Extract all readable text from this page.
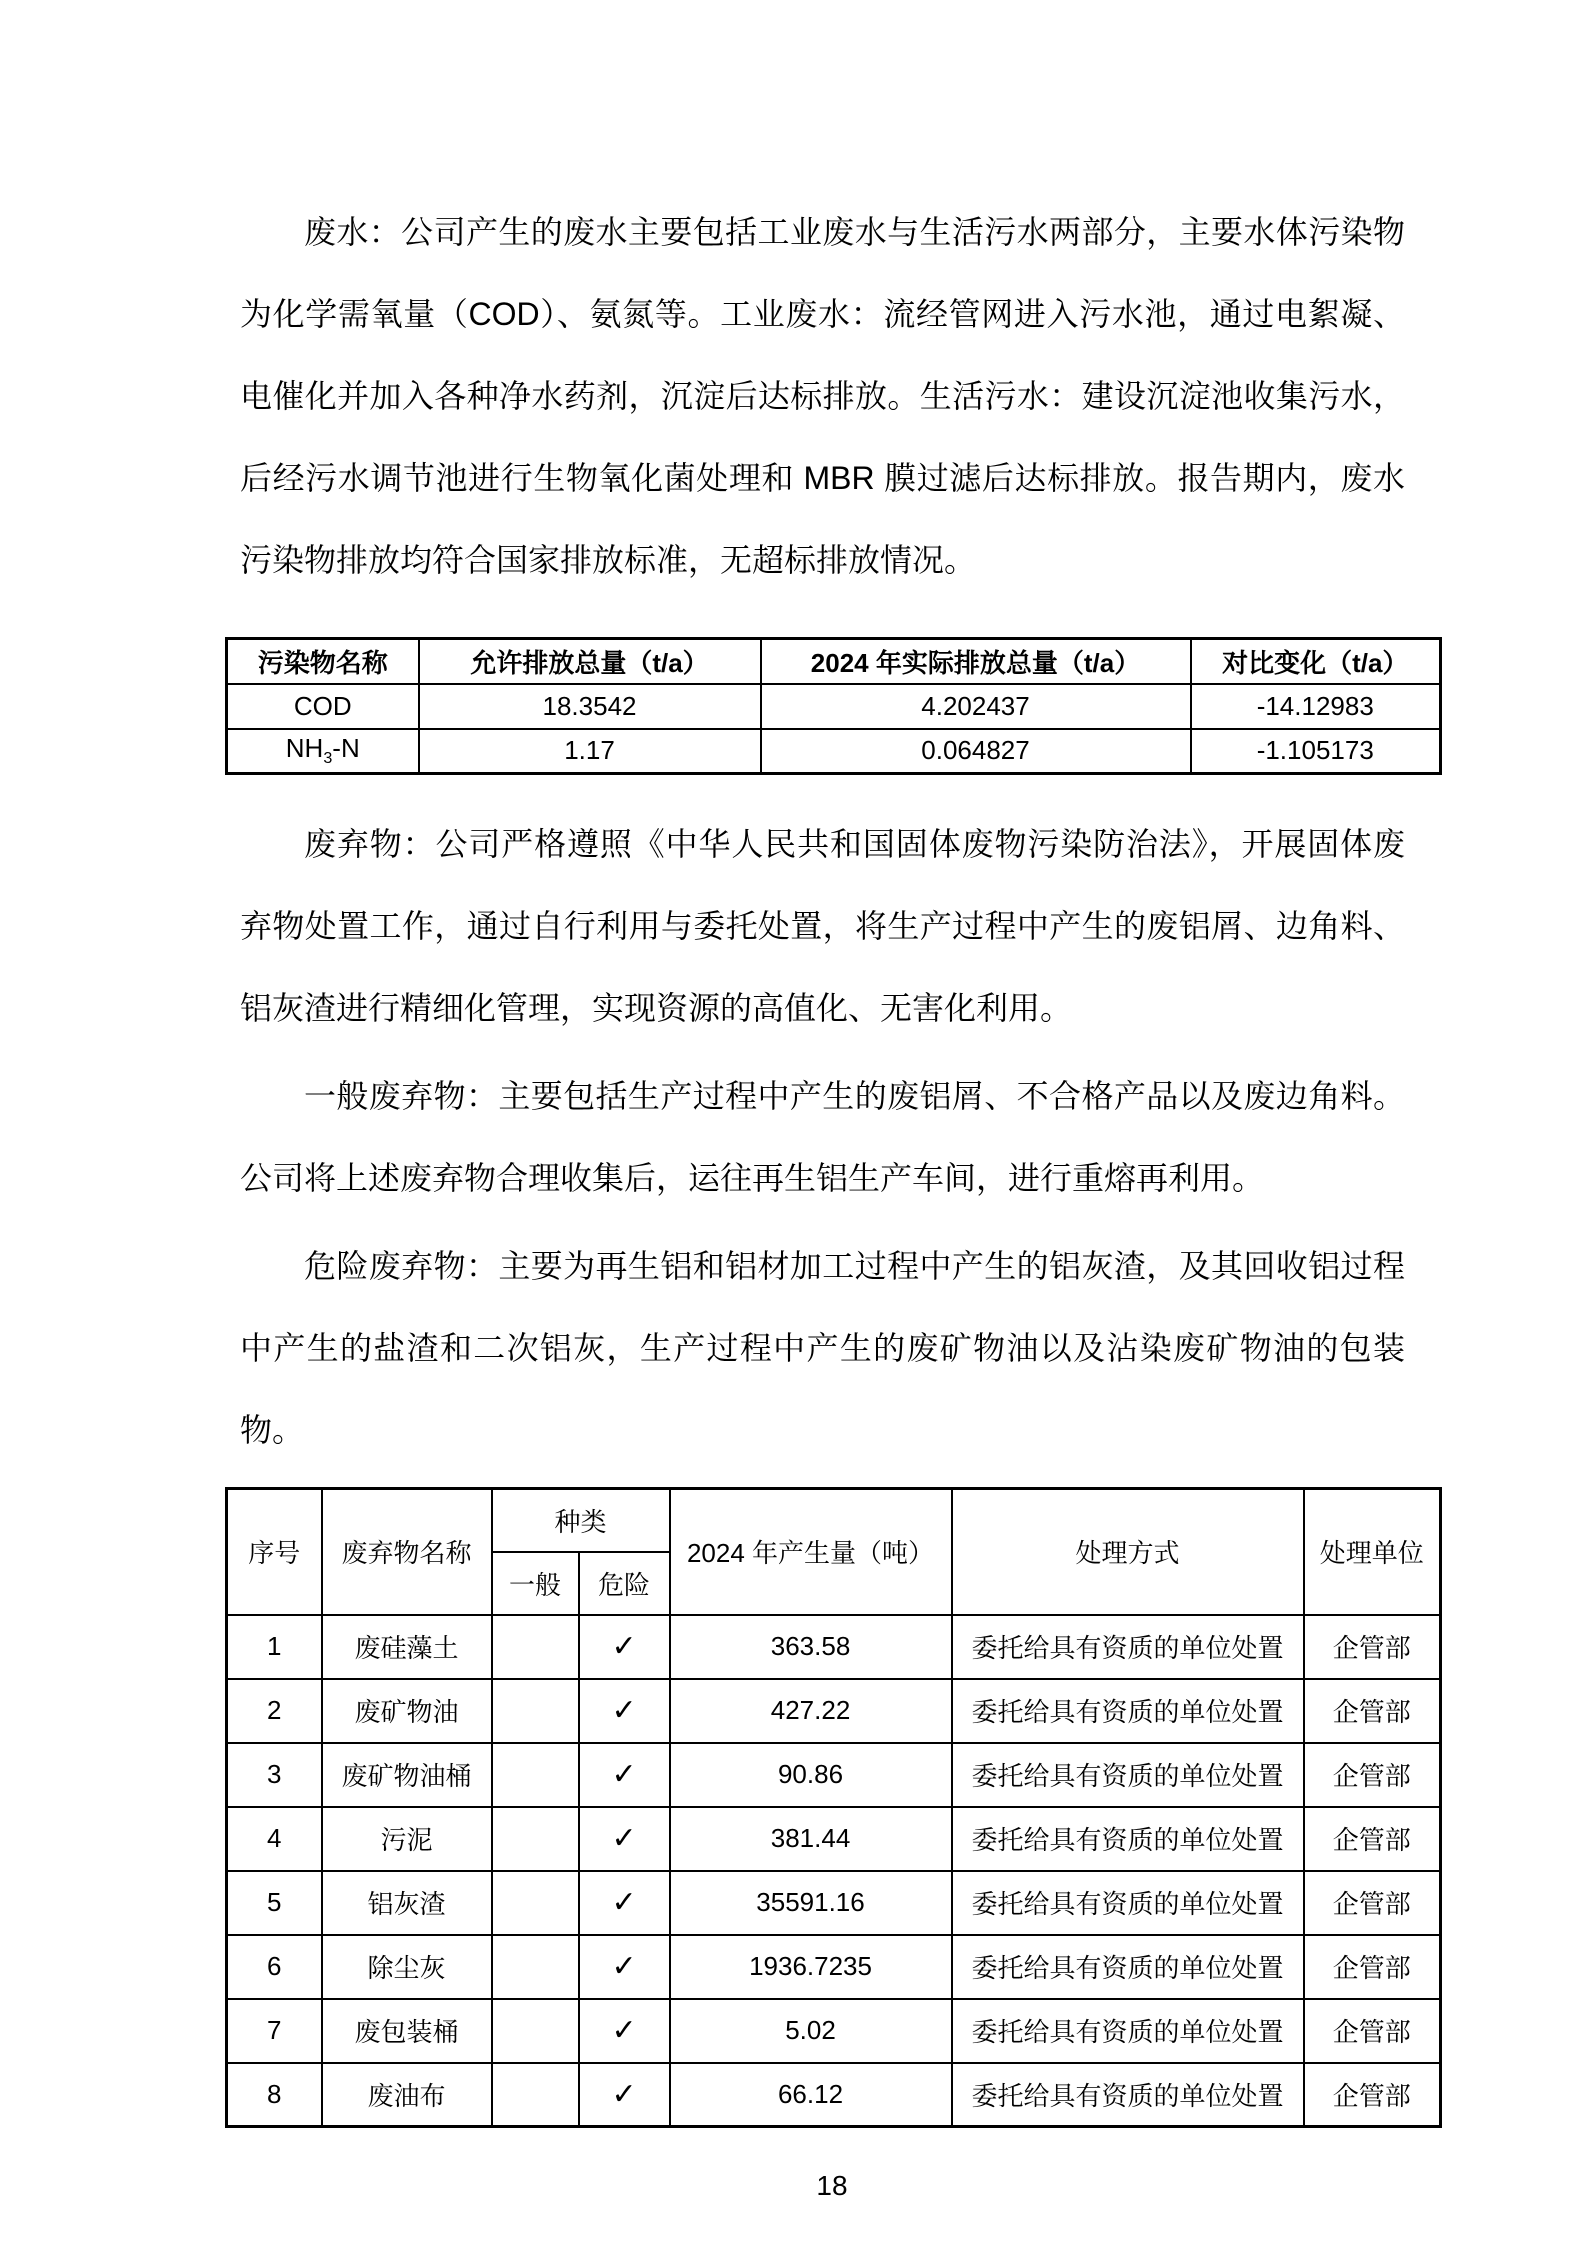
废水：公司产生的废水主要包括工业废水与生活污水两部分，主要水体污染物为化学需氧量（COD）、氨氮等。工业废水：流经管网进入污水池，通过电絮凝、电催化并加入各种净水药剂，沉淀后达标排放。生活污水：建设沉淀池收集污水，后经污水调节池进行生物氧化菌处理和 MBR 膜过滤后达标排放。报告期内，废水污染物排放均符合国家排放标准，无超标排放情况。

污染物名称	允许排放总量（t/a）	2024 年实际排放总量（t/a）	对比变化（t/a）
COD	18.3542	4.202437	-14.12983
$NH_3-N$	1.17	0.064827	-1.105173

废弃物：公司严格遵照《中华人民共和国固体废物污染防治法》，开展固体废弃物处置工作，通过自行利用与委托处置，将生产过程中产生的废铝屑、边角料、铝灰渣进行精细化管理，实现资源的高值化、无害化利用。

一般废弃物：主要包括生产过程中产生的废铝屑、不合格产品以及废边角料。公司将上述废弃物合理收集后，运往再生铝生产车间，进行重熔再利用。

危险废弃物：主要为再生铝和铝材加工过程中产生的铝灰渣，及其回收铝过程中产生的盐渣和二次铝灰，生产过程中产生的废矿物油以及沾染废矿物油的包装物。

序号	废弃物名称	种类		2024 年产生量（吨）	处理方式	处理单位
		一般	危险			
1	废硅藻土		✓	363.58	委托给具有资质的单位处置	企管部
2	废矿物油		✓	427.22	委托给具有资质的单位处置	企管部
3	废矿物油桶		✓	90.86	委托给具有资质的单位处置	企管部
4	污泥		✓	381.44	委托给具有资质的单位处置	企管部
5	铝灰渣		✓	35591.16	委托给具有资质的单位处置	企管部
6	除尘灰		✓	1936.7235	委托给具有资质的单位处置	企管部
7	废包装桶		✓	5.02	委托给具有资质的单位处置	企管部
8	废油布		✓	66.12	委托给具有资质的单位处置	企管部
18
